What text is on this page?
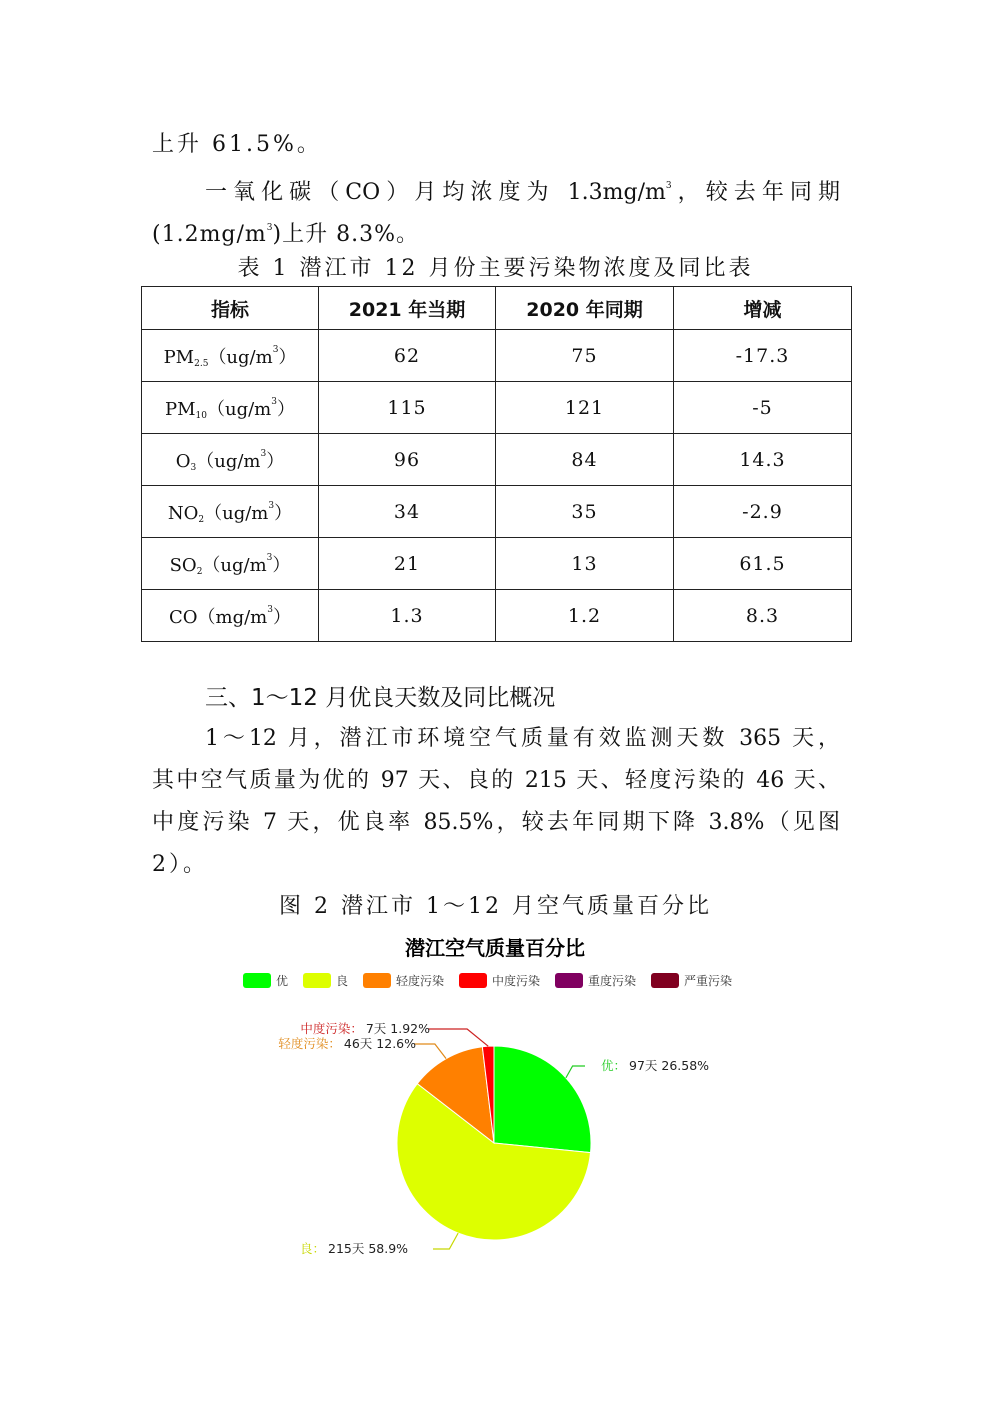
上升 61.5%。
一氧化碳（CO）月均浓度为 $1.3mg/m^3$，较去年同期
$(1.2mg/m^3)$上升 8.3%。
表 1 潜江市 12 月份主要污染物浓度及同比表
指标	2021 年当期	2020 年同期	增减
$PM_{2.5}(ug/m^3)$	62	75	-17.3
$PM_{10}(ug/m^3)$	115	121	-5
$O_3(ug/m^3)$	96	84	14.3
$NO_2(ug/m^3)$	34	35	-2.9
$SO_2(ug/m^3)$	21	13	61.5
$CO(mg/m^3)$	1.3	1.2	8.3
三、1～12 月优良天数及同比概况
1～12 月，潜江市环境空气质量有效监测天数 365 天，
其中空气质量为优的 97 天、良的 215 天、轻度污染的 46 天、
中度污染 7 天，优良率 85.5%，较去年同期下降 3.8%（见图
2）。
图 2 潜江市 1～12 月空气质量百分比
潜江空气质量百分比
优	良	轻度污染	中度污染	重度污染	严重污染
优： 97天 26.58%
良： 215天 58.9%
轻度污染： 46天 12.6%
中度污染： 7天 1.92%
